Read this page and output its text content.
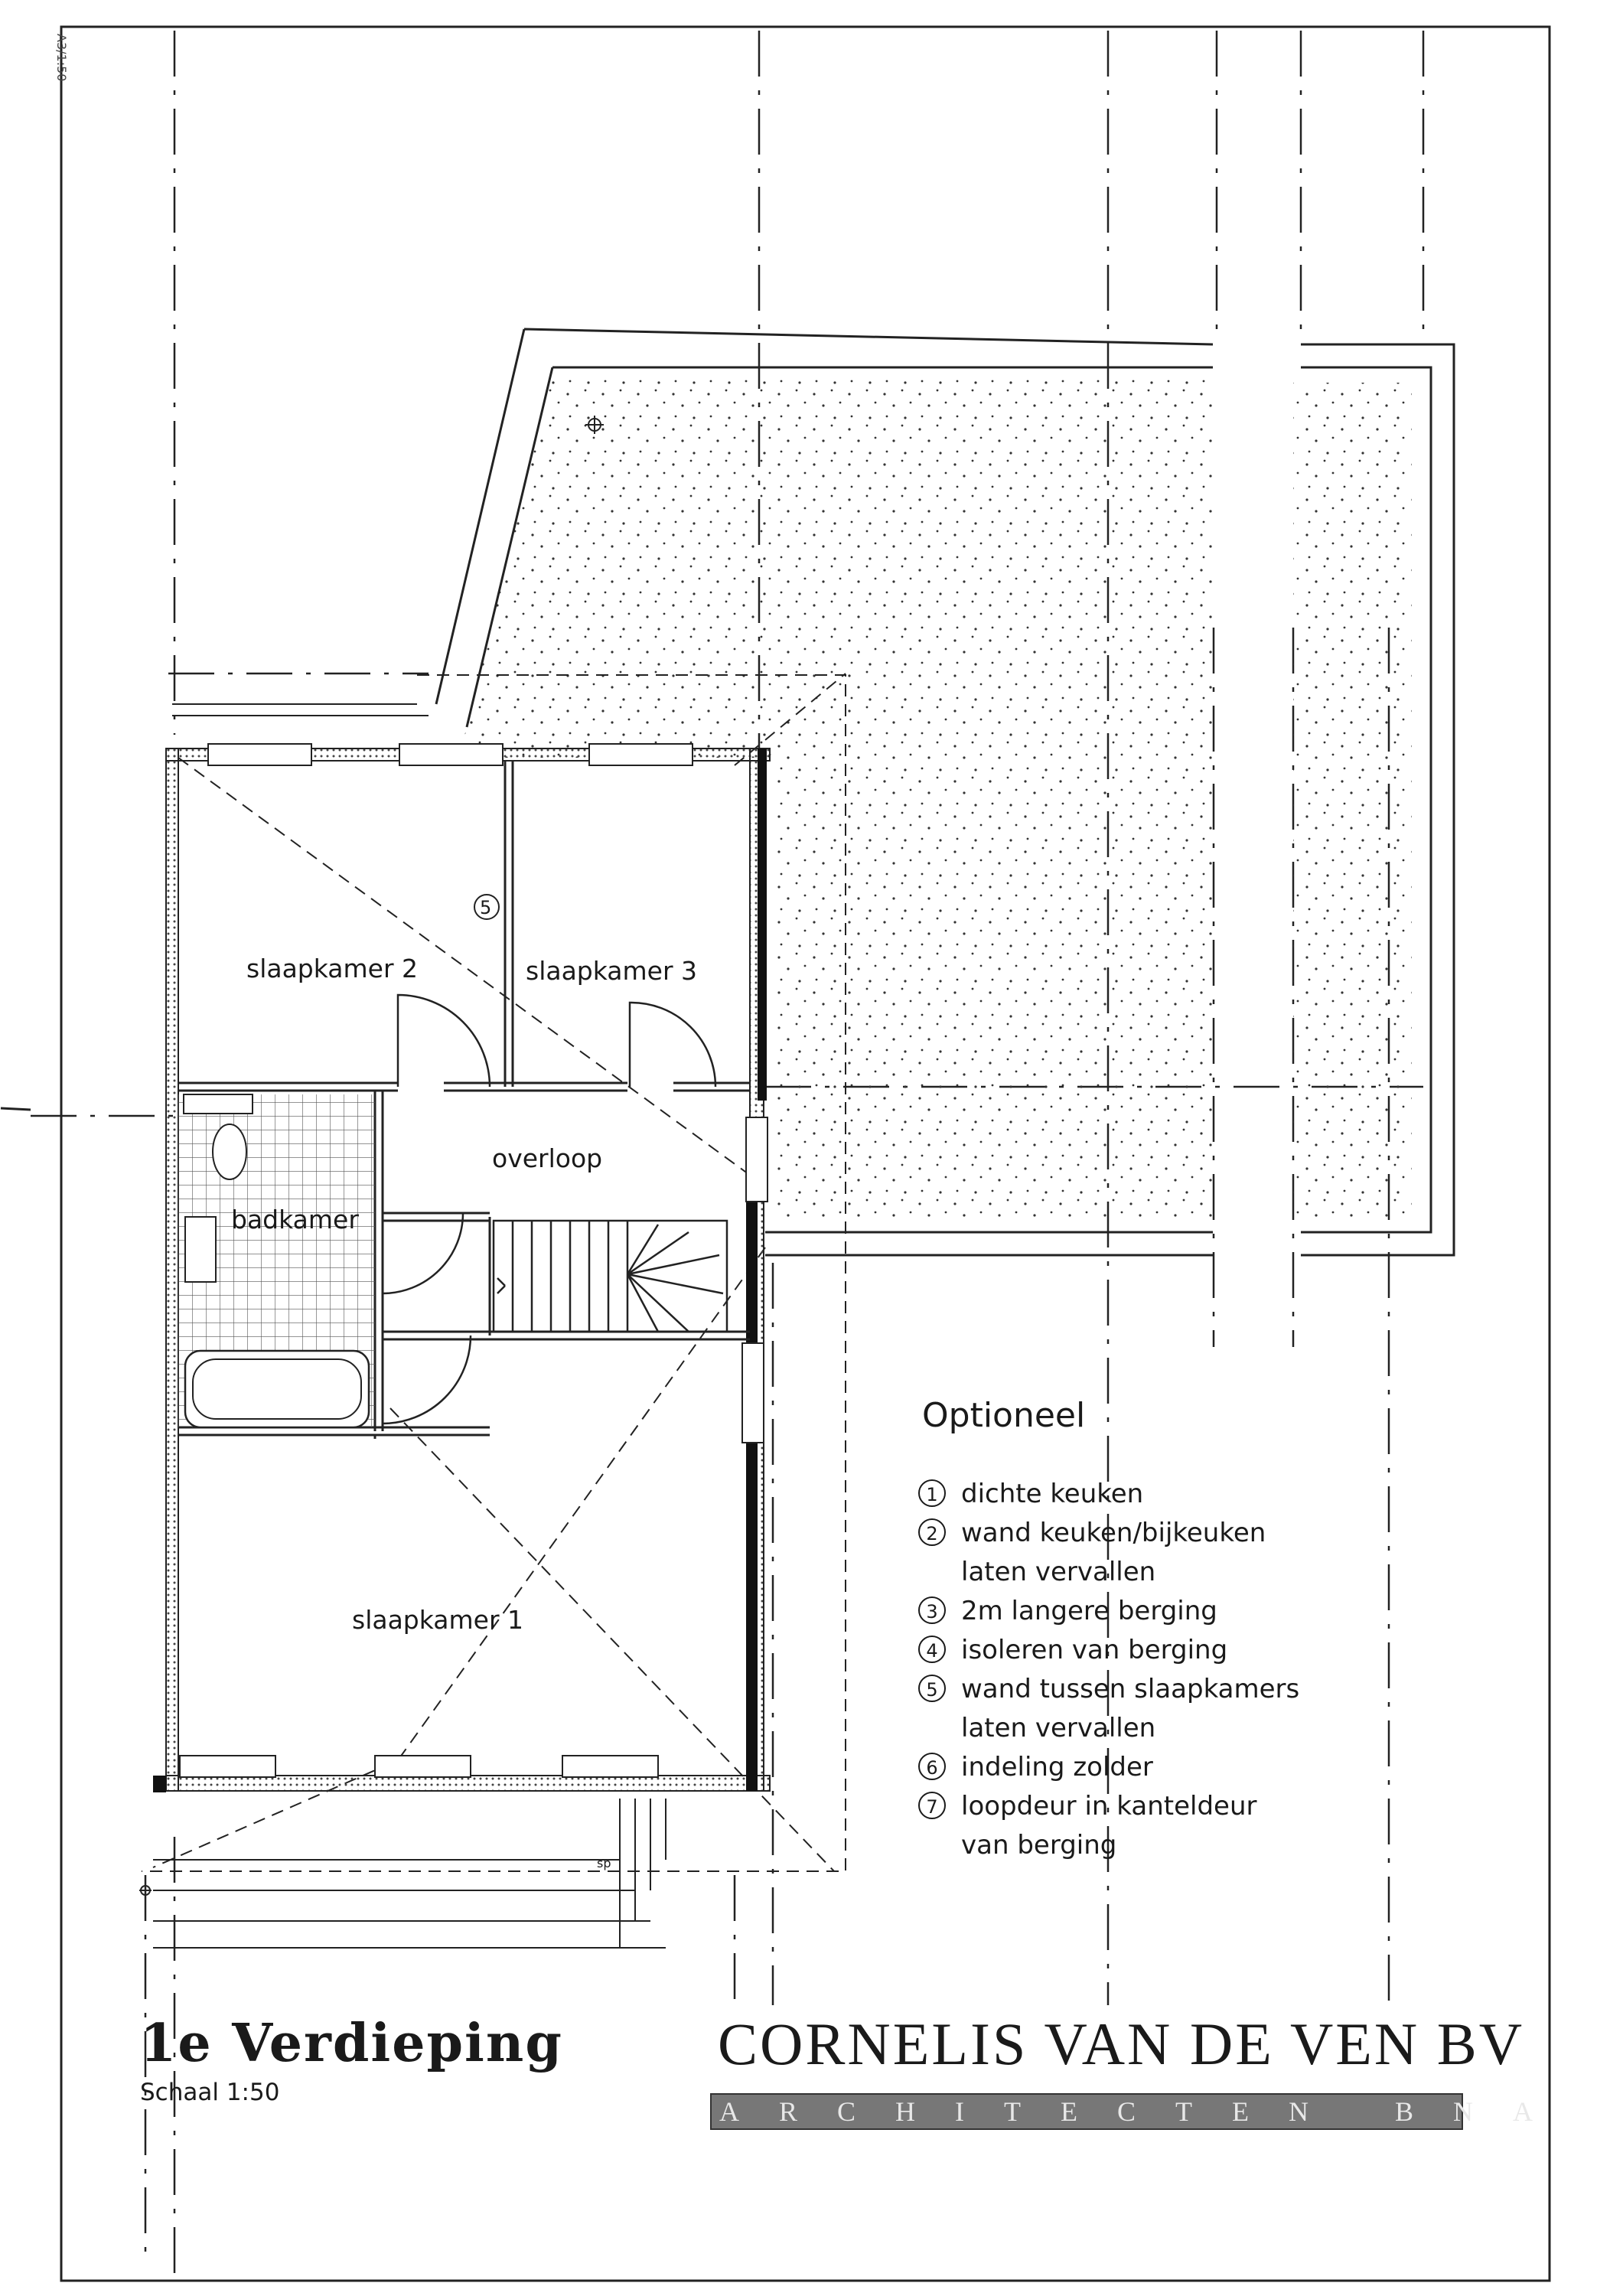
slaapkamer 2	slaapkamer 3
overloop
badkamer
slaapkamer 1
5
sp
A3/1:50
Optioneel
1 dichte keuken
2 wand keuken/bijkeuken
laten vervallen
3 2m langere berging
4 isoleren van berging
5 wand tussen slaapkamers
laten vervallen
6 indeling zolder
7 loopdeur in kanteldeur
van berging
1e Verdieping
Schaal 1:50
CORNELIS VAN DE VEN BV
ARCHITECTEN BNA
